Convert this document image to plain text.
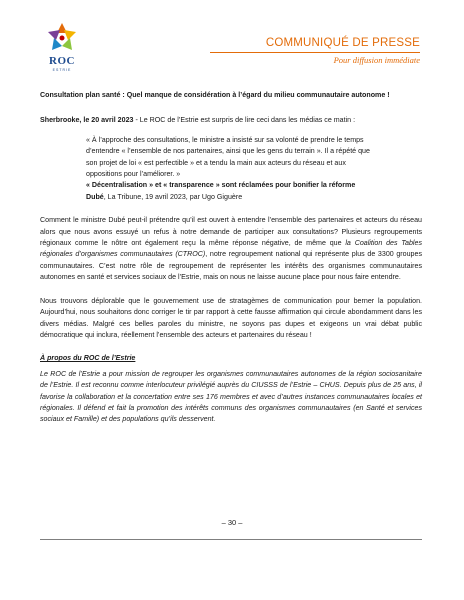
ROC
ESTRIE
COMMUNIQUÉ DE PRESSE
Pour diffusion immédiate
Consultation plan santé : Quel manque de considération à l’égard du milieu communautaire autonome !
Sherbrooke, le 20 avril 2023 - Le ROC de l’Estrie est surpris de lire ceci dans les médias ce matin :
« À l’approche des consultations, le ministre a insisté sur sa volonté de prendre le temps d’entendre « l’ensemble de nos partenaires, ainsi que les gens du terrain ». Il a répété que son projet de loi « est perfectible » et a tendu la main aux acteurs du réseau et aux oppositions pour l’améliorer. »
« Décentralisation » et « transparence » sont réclamées pour bonifier la réforme Dubé, La Tribune, 19 avril 2023, par Ugo Giguère

Comment le ministre Dubé peut-il prétendre qu’il est ouvert à entendre l’ensemble des partenaires et acteurs du réseau alors que nous avons essuyé un refus à notre demande de participer aux consultations? Plusieurs regroupements régionaux comme le nôtre ont également reçu la même réponse négative, de même que la Coalition des Tables régionales d’organismes communautaires (CTROC), notre regroupement national qui représente plus de 3300 groupes communautaires. C’est notre rôle de regroupement de représenter les intérêts des organismes communautaires autonomes en santé et services sociaux de l’Estrie, mais on nous ne laisse aucune place pour nous faire entendre.

Nous trouvons déplorable que le gouvernement use de stratagèmes de communication pour berner la population. Aujourd’hui, nous souhaitons donc corriger le tir par rapport à cette fausse affirmation qui circule abondamment dans les divers médias. Malgré ces belles paroles du ministre, ne soyons pas dupes et exigeons un vrai débat public démocratique qui inclura, réellement l’ensemble des acteurs et partenaires du réseau !

À propos du ROC de l’Estrie

Le ROC de l’Estrie a pour mission de regrouper les organismes communautaires autonomes de la région sociosanitaire de l’Estrie. Il est reconnu comme interlocuteur privilégié auprès du CIUSSS de l’Estrie – CHUS. Depuis plus de 25 ans, il favorise la collaboration et la concertation entre ses 176 membres et avec d’autres instances communautaires locales et régionales. Il défend et fait la promotion des intérêts communs des organismes communautaires (en Santé et services sociaux et Famille) et des populations qu’ils desservent.

– 30 –
